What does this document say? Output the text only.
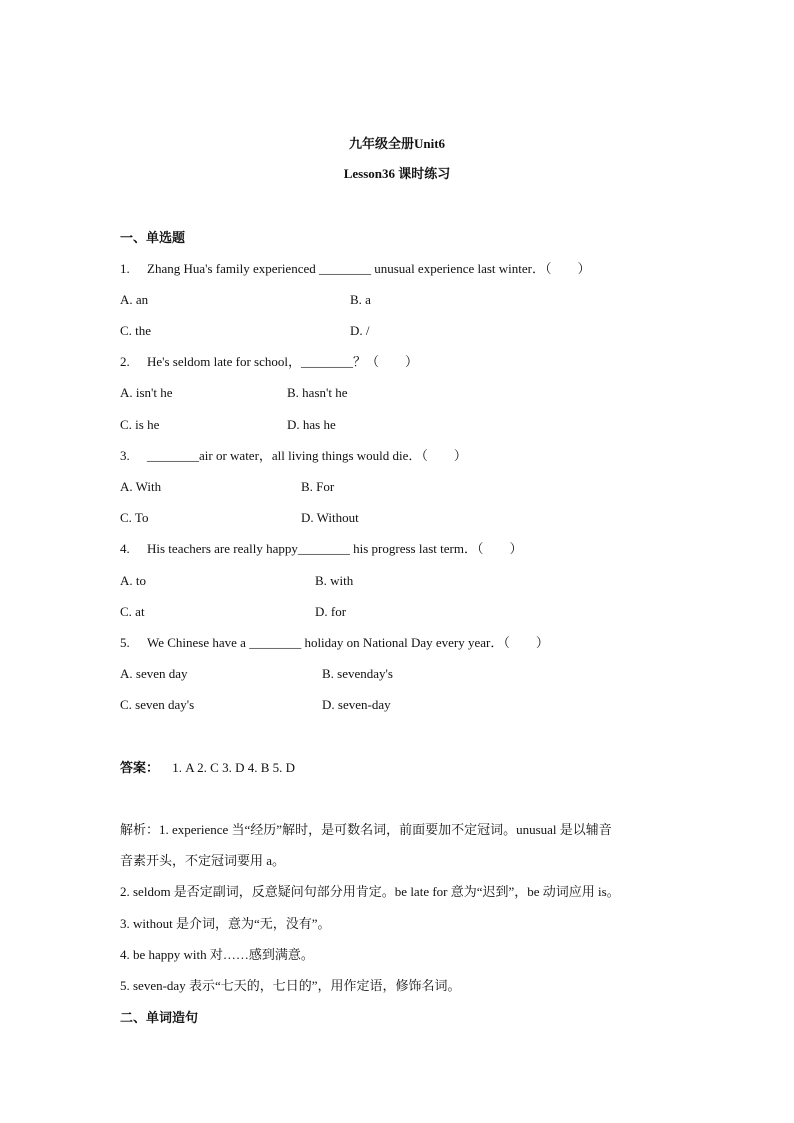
九年级全册Unit6
Lesson36 课时练习
一、单选题
1. Zhang Hua's family experienced ________ unusual experience last winter．（　　）
A. an	B. a
C. the	D. /
2. He's seldom late for school，________？（　　）
A. isn't he	B. hasn't he
C. is he	D. has he
3. ________air or water，all living things would die．（　　）
A. With	B. For
C. To	D. Without
4. His teachers are really happy________ his progress last term．（　　）
A. to	B. with
C. at	D. for
5. We Chinese have a ________ holiday on National Day every year．（　　）
A. seven day	B. sevenday's
C. seven day's	D. seven-day
答案： 1. A 2. C 3. D 4. B 5. D
解析：1. experience 当“经历”解时，是可数名词，前面要加不定冠词。unusual 是以辅音
音素开头，不定冠词要用 a。
2. seldom 是否定副词，反意疑问句部分用肯定。be late for 意为“迟到”，be 动词应用 is。
3. without 是介词，意为“无，没有”。
4. be happy with 对……感到满意。
5. seven-day 表示“七天的，七日的”，用作定语，修饰名词。
二、单词造句
